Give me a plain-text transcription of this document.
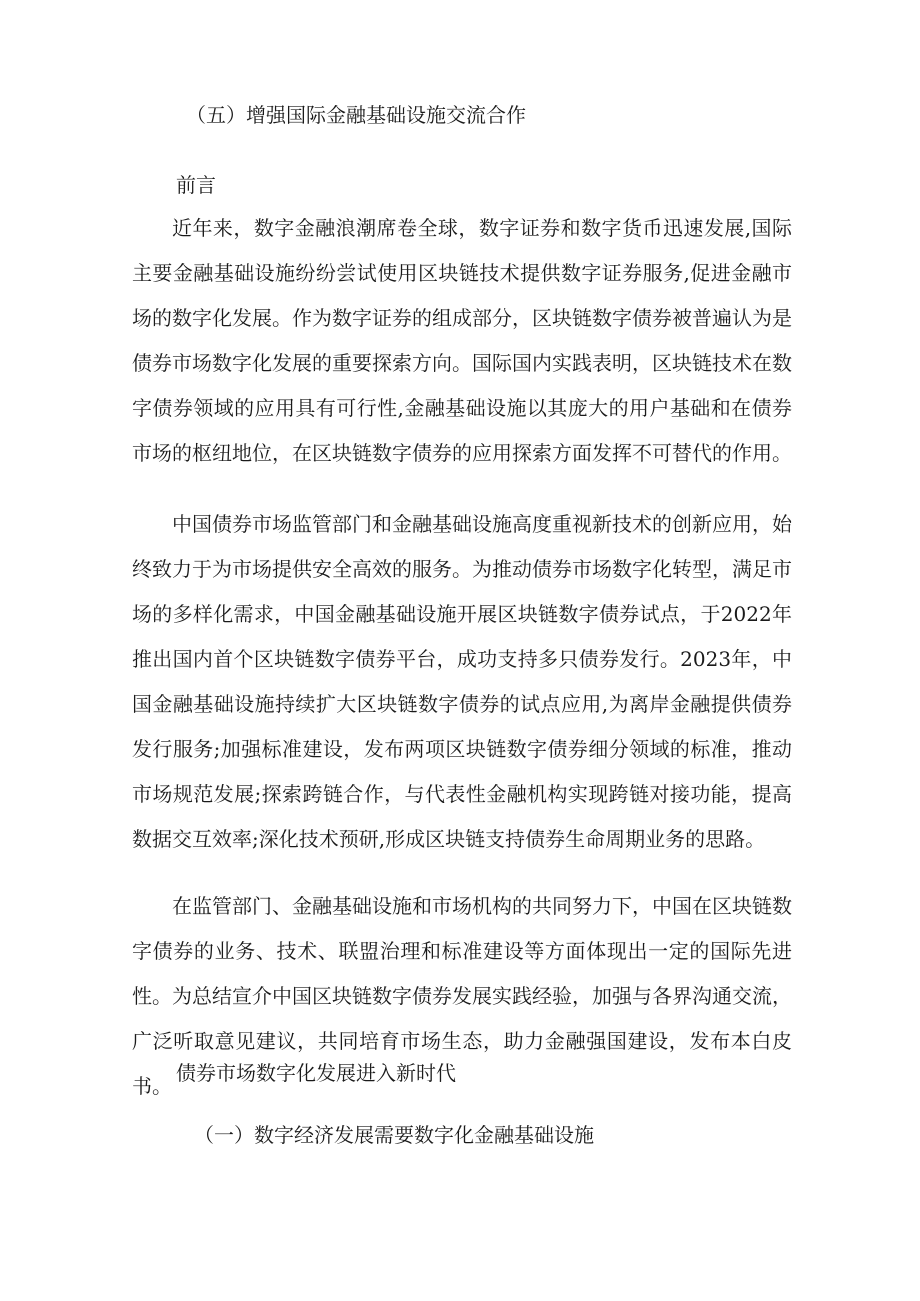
（五）增强国际金融基础设施交流合作
前言

近年来，数字金融浪潮席卷全球，数字证券和数字货币迅速发展,国际主要金融基础设施纷纷尝试使用区块链技术提供数字证券服务,促进金融市场的数字化发展。作为数字证券的组成部分，区块链数字债券被普遍认为是债券市场数字化发展的重要探索方向。国际国内实践表明，区块链技术在数字债券领域的应用具有可行性,金融基础设施以其庞大的用户基础和在债券市场的枢纽地位，在区块链数字债券的应用探索方面发挥不可替代的作用。

中国债券市场监管部门和金融基础设施高度重视新技术的创新应用，始终致力于为市场提供安全高效的服务。为推动债券市场数字化转型，满足市场的多样化需求，中国金融基础设施开展区块链数字债券试点，于2022年推出国内首个区块链数字债券平台，成功支持多只债券发行。2023年，中国金融基础设施持续扩大区块链数字债券的试点应用,为离岸金融提供债券发行服务;加强标准建设，发布两项区块链数字债券细分领域的标准，推动市场规范发展;探索跨链合作，与代表性金融机构实现跨链对接功能，提高数据交互效率;深化技术预研,形成区块链支持债券生命周期业务的思路。

在监管部门、金融基础设施和市场机构的共同努力下，中国在区块链数字债券的业务、技术、联盟治理和标准建设等方面体现出一定的国际先进性。为总结宣介中国区块链数字债券发展实践经验，加强与各界沟通交流，广泛听取意见建议，共同培育市场生态，助力金融强国建设，发布本白皮书。

债券市场数字化发展进入新时代
（一）数字经济发展需要数字化金融基础设施
